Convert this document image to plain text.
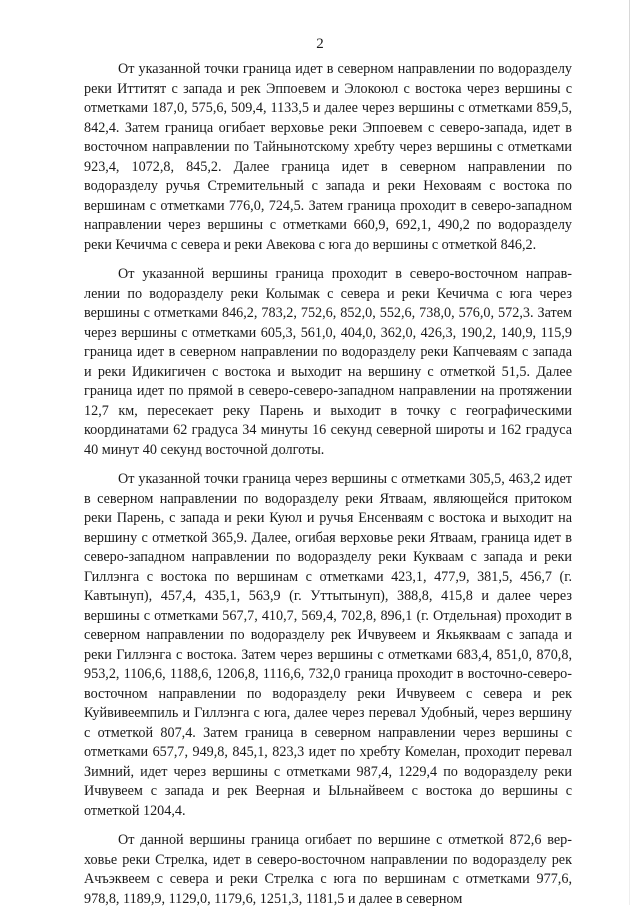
2

От указанной точки граница идет в северном направлении по водоразделу реки Иттитят с запада и рек Эппоевем и Элокоюл с востока через вершины с отметками 187,0, 575,6, 509,4, 1133,5 и далее через вершины с отметками 859,5, 842,4. Затем граница огибает верховье реки Эппоевем с северо-запада, идет в восточном направлении по Тайнынотскому хребту через вершины с отметками 923,4, 1072,8, 845,2. Далее граница идет в северном направлении по водоразделу ручья Стремительный с запада и реки Неховаям с востока по вершинам с отметками 776,0, 724,5. Затем граница проходит в северо-западном направлении через вершины с отметками 660,9, 692,1, 490,2 по водоразделу реки Кечичма с севера и реки Авекова с юга до вершины с отметкой 846,2.

От указанной вершины граница проходит в северо-восточном направлении по водоразделу реки Колымак с севера и реки Кечичма с юга через вершины с отметками 846,2, 783,2, 752,6, 852,0, 552,6, 738,0, 576,0, 572,3. Затем через вершины с отметками 605,3, 561,0, 404,0, 362,0, 426,3, 190,2, 140,9, 115,9 граница идет в северном направлении по водоразделу реки Капчеваям с запада и реки Идикигичен с востока и выходит на вершину с отметкой 51,5. Далее граница идет по прямой в северо-северо-западном направлении на протяжении 12,7 км, пересекает реку Парень и выходит в точку с географическими координатами 62 градуса 34 минуты 16 секунд северной широты и 162 градуса 40 минут 40 секунд восточной долготы.

От указанной точки граница через вершины с отметками 305,5, 463,2 идет в северном направлении по водоразделу реки Ятваам, являющейся притоком реки Парень, с запада и реки Куюл и ручья Енсенваям с востока и выходит на вершину с отметкой 365,9. Далее, огибая верховье реки Ятваам, граница идет в северо-западном направлении по водоразделу реки Кукваам с запада и реки Гиллэнга с востока по вершинам с отметками 423,1, 477,9, 381,5, 456,7 (г. Кавтынуп), 457,4, 435,1, 563,9 (г. Уттытынуп), 388,8, 415,8 и далее через вершины с отметками 567,7, 410,7, 569,4, 702,8, 896,1 (г. Отдельная) проходит в северном направлении по водоразделу рек Ичвувеем и Якьякваам с запада и реки Гиллэнга с востока. Затем через вершины с отметками 683,4, 851,0, 870,8, 953,2, 1106,6, 1188,6, 1206,8, 1116,6, 732,0 граница проходит в восточно-северо-восточном направлении по водоразделу реки Ичвувеем с севера и рек Куйвивеемпиль и Гиллэнга с юга, далее через перевал Удобный, через вершину с отметкой 807,4. Затем граница в северном направлении через вершины с отметками 657,7, 949,8, 845,1, 823,3 идет по хребту Комелан, проходит перевал Зимний, идет через вершины с отметками 987,4, 1229,4 по водоразделу реки Ичвувеем с запада и рек Веерная и Ыльнайвеем с востока до вершины с отметкой 1204,4.

От данной вершины граница огибает по вершине с отметкой 872,6 верховье реки Стрелка, идет в северо-восточном направлении по водоразделу рек Ачъэквеем с севера и реки Стрелка с юга по вершинам с отметками 977,6, 978,8, 1189,9, 1129,0, 1179,6, 1251,3, 1181,5 и далее в северном
